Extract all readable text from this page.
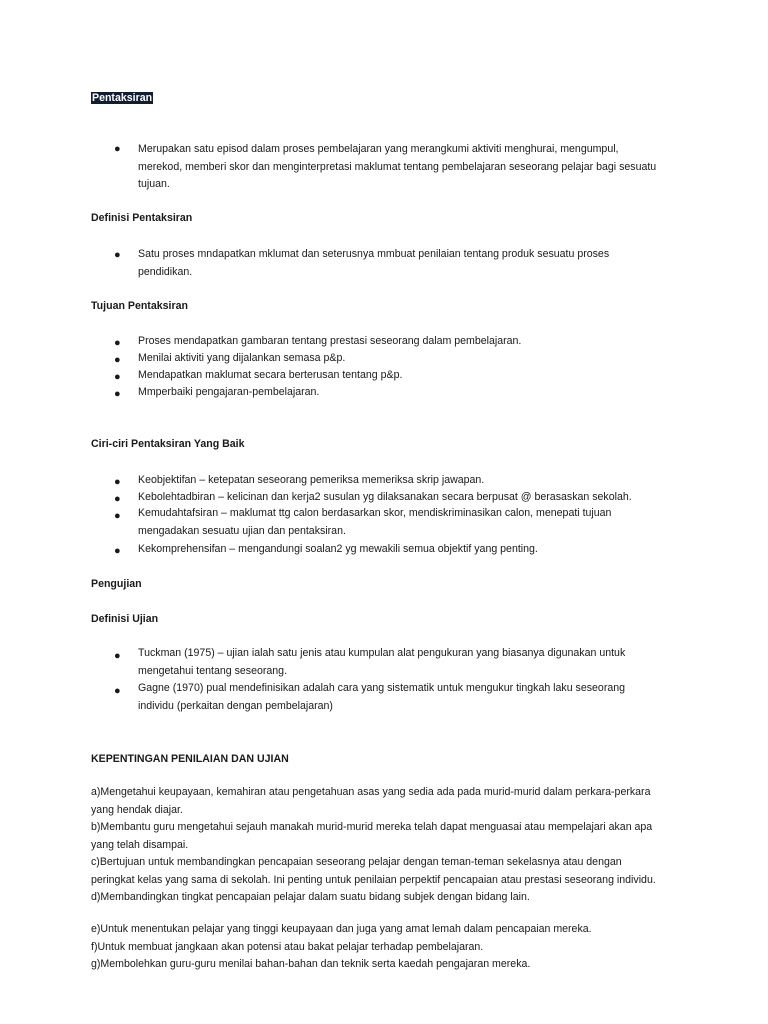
Pentaksiran
● Merupakan satu episod dalam proses pembelajaran yang merangkumi aktiviti menghurai, mengumpul,
merekod, memberi skor dan menginterpretasi maklumat tentang pembelajaran seseorang pelajar bagi sesuatu
tujuan.
Definisi Pentaksiran
● Satu proses mndapatkan mklumat dan seterusnya mmbuat penilaian tentang produk sesuatu proses
pendidikan.
Tujuan Pentaksiran
● Proses mendapatkan gambaran tentang prestasi seseorang dalam pembelajaran.
● Menilai aktiviti yang dijalankan semasa p&p.
● Mendapatkan maklumat secara berterusan tentang p&p.
● Mmperbaiki pengajaran-pembelajaran.
Ciri-ciri Pentaksiran Yang Baik
● Keobjektifan – ketepatan seseorang pemeriksa memeriksa skrip jawapan.
● Kebolehtadbiran – kelicinan dan kerja2 susulan yg dilaksanakan secara berpusat @ berasaskan sekolah.
● Kemudahtafsiran – maklumat ttg calon berdasarkan skor, mendiskriminasikan calon, menepati tujuan
mengadakan sesuatu ujian dan pentaksiran.
● Kekomprehensifan – mengandungi soalan2 yg mewakili semua objektif yang penting.
Pengujian
Definisi Ujian
● Tuckman (1975) – ujian ialah satu jenis atau kumpulan alat pengukuran yang biasanya digunakan untuk
mengetahui tentang seseorang.
● Gagne (1970) pual mendefinisikan adalah cara yang sistematik untuk mengukur tingkah laku seseorang
individu (perkaitan dengan pembelajaran)
KEPENTINGAN PENILAIAN DAN UJIAN
a)Mengetahui keupayaan, kemahiran atau pengetahuan asas yang sedia ada pada murid-murid dalam perkara-perkara
yang hendak diajar.
b)Membantu guru mengetahui sejauh manakah murid-murid mereka telah dapat menguasai atau mempelajari akan apa
yang telah disampai.
c)Bertujuan untuk membandingkan pencapaian seseorang pelajar dengan teman-teman sekelasnya atau dengan
peringkat kelas yang sama di sekolah. Ini penting untuk penilaian perpektif pencapaian atau prestasi seseorang individu.
d)Membandingkan tingkat pencapaian pelajar dalam suatu bidang subjek dengan bidang lain.
e)Untuk menentukan pelajar yang tinggi keupayaan dan juga yang amat lemah dalam pencapaian mereka.
f)Untuk membuat jangkaan akan potensi atau bakat pelajar terhadap pembelajaran.
g)Membolehkan guru-guru menilai bahan-bahan dan teknik serta kaedah pengajaran mereka.
